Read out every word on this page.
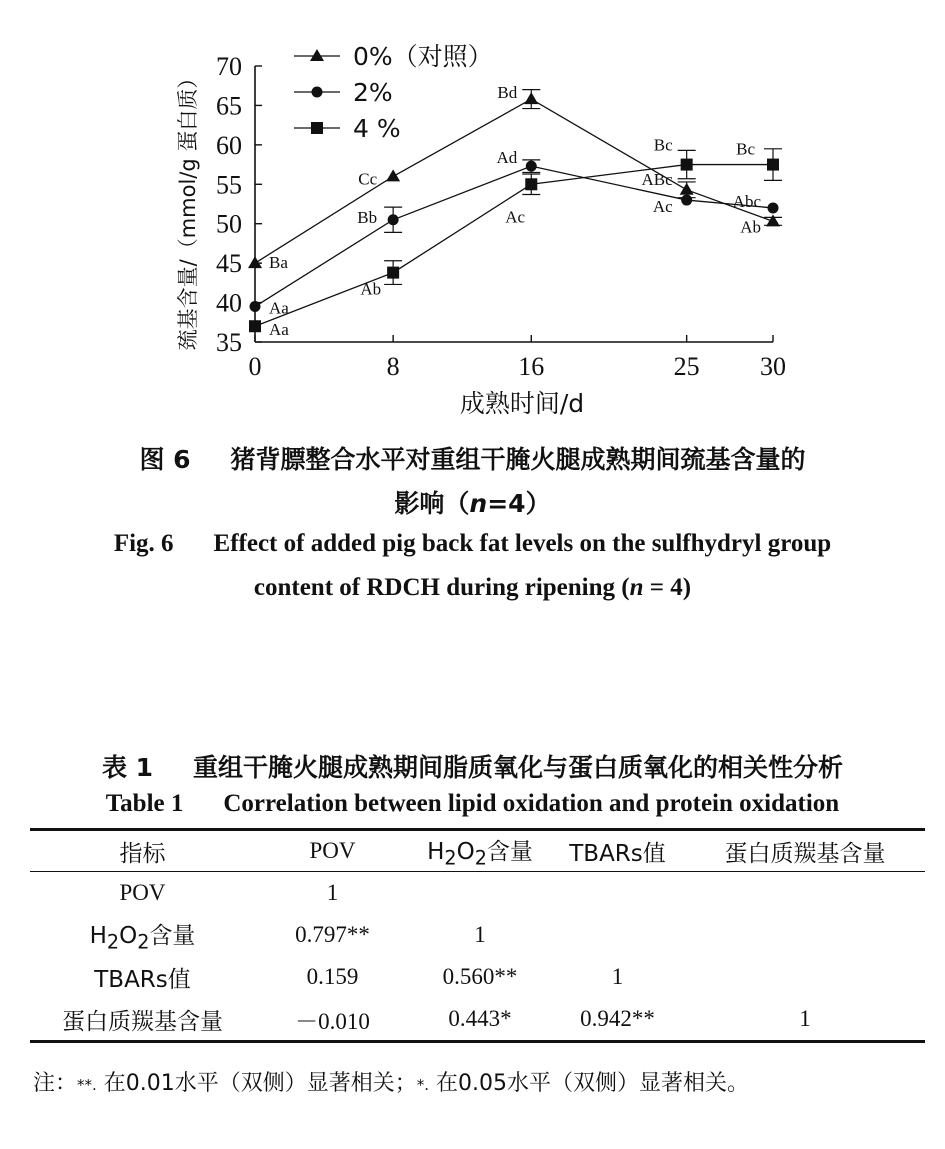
35
40
45
50
55
60
65
70
0	8	16	25 30
成熟时间/d
巯基含量/（mmol/g 蛋白质）	Ba
Cc
Bd
ABc
Ab
Aa
Bb
Ad
Ac	Abc
Aa
Ab
Ac
Bc	Bc
0%（对照）
2%
4 %
图 6 猪背膘整合水平对重组干腌火腿成熟期间巯基含量的
影响（n=4）
Fig. 6 Effect of added pig back fat levels on the sulfhydryl group
content of RDCH during ripening (n = 4)
表 1 重组干腌火腿成熟期间脂质氧化与蛋白质氧化的相关性分析
Table 1 Correlation between lipid oxidation and protein oxidation
指标	POV	$H_2O_2$含量	TBARs值	蛋白质羰基含量
POV	1			
$H_2O_2$含量	0.797**	1		
TBARs值	0.159	0.560**	1	
蛋白质羰基含量	－0.010	0.443*	0.942**	1
注：**. 在0.01水平（双侧）显著相关；*. 在0.05水平（双侧）显著相关。
